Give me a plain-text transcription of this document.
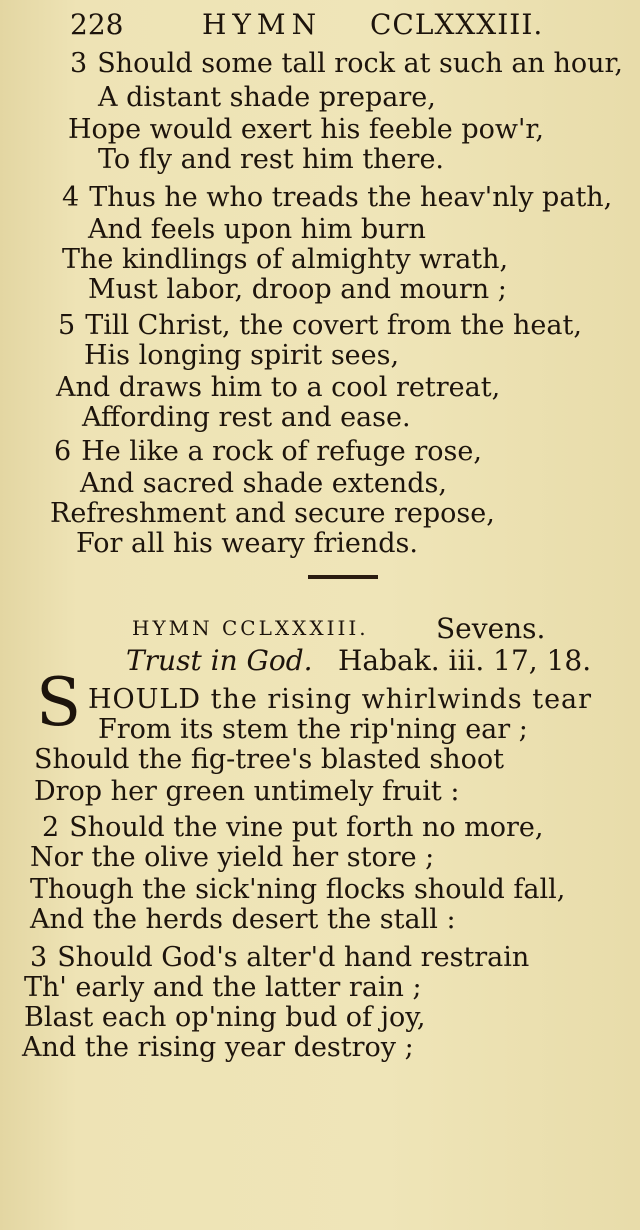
228	HYMN CCLXXXIII.
3 Should some tall rock at such an hour,
A distant shade prepare,
Hope would exert his feeble pow'r,
To fly and rest him there.
4 Thus he who treads the heav'nly path,
And feels upon him burn
The kindlings of almighty wrath,
Must labor, droop and mourn ;
5 Till Christ, the covert from the heat,
His longing spirit sees,
And draws him to a cool retreat,
Affording rest and ease.
6 He like a rock of refuge rose,
And sacred shade extends,
Refreshment and secure repose,
For all his weary friends.
HYMN CCLXXXIII. Sevens.
Trust in God. Habak. iii. 17, 18.
S HOULD the rising whirlwinds tear
From its stem the rip'ning ear ;
Should the fig-tree's blasted shoot
Drop her green untimely fruit :
2 Should the vine put forth no more,
Nor the olive yield her store ;
Though the sick'ning flocks should fall,
And the herds desert the stall :
3 Should God's alter'd hand restrain
Th' early and the latter rain ;
Blast each op'ning bud of joy,
And the rising year destroy ;
